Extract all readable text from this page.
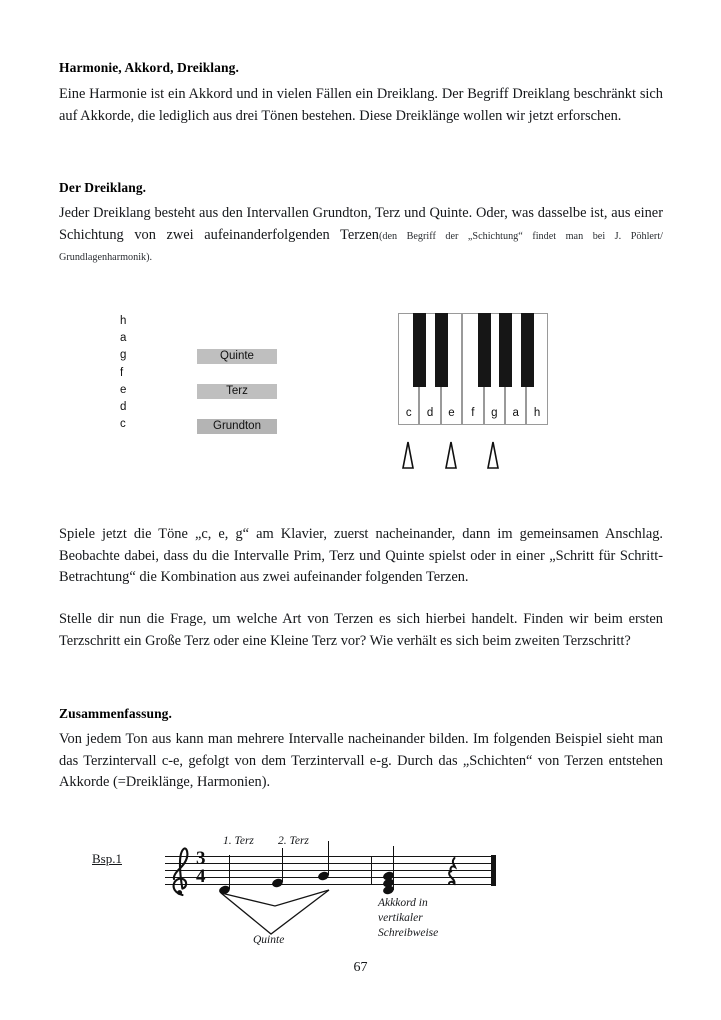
Harmonie, Akkord, Dreiklang.
Eine Harmonie ist ein Akkord und in vielen Fällen ein Dreiklang. Der Begriff Dreiklang beschränkt sich auf Akkorde, die lediglich aus drei Tönen bestehen. Diese Dreiklänge wollen wir jetzt erforschen.
Der Dreiklang.
Jeder Dreiklang besteht aus den Intervallen Grundton, Terz und Quinte. Oder, was dasselbe ist, aus einer Schichtung von zwei aufeinanderfolgenden Terzen(den Begriff der „Schichtung“ findet man bei J. Pöhlert/ Grundlagenharmonik).
h
a
g
f
e
d
c
Quinte
Terz
Grundton
c	d	e	f	g	a	h
Spiele jetzt die Töne „c, e, g“ am Klavier, zuerst nacheinander, dann im gemeinsamen Anschlag. Beobachte dabei, dass du die Intervalle Prim, Terz und Quinte spielst oder in einer „Schritt für Schritt-Betrachtung“ die Kombination aus zwei aufeinander folgenden Terzen.
Stelle dir nun die Frage, um welche Art von Terzen es sich hierbei handelt. Finden wir beim ersten Terzschritt ein Große Terz oder eine Kleine Terz vor? Wie verhält es sich beim zweiten Terzschritt?
Zusammenfassung.
Von jedem Ton aus kann man mehrere Intervalle nacheinander bilden. Im folgenden Beispiel sieht man das Terzintervall c-e, gefolgt von dem Terzintervall e-g. Durch das „Schichten“ von Terzen entstehen Akkorde (=Dreiklänge, Harmonien).
Bsp.1	3
4
1. Terz 2. Terz
Quinte
Akkkord in
vertikaler
Schreibweise
67
